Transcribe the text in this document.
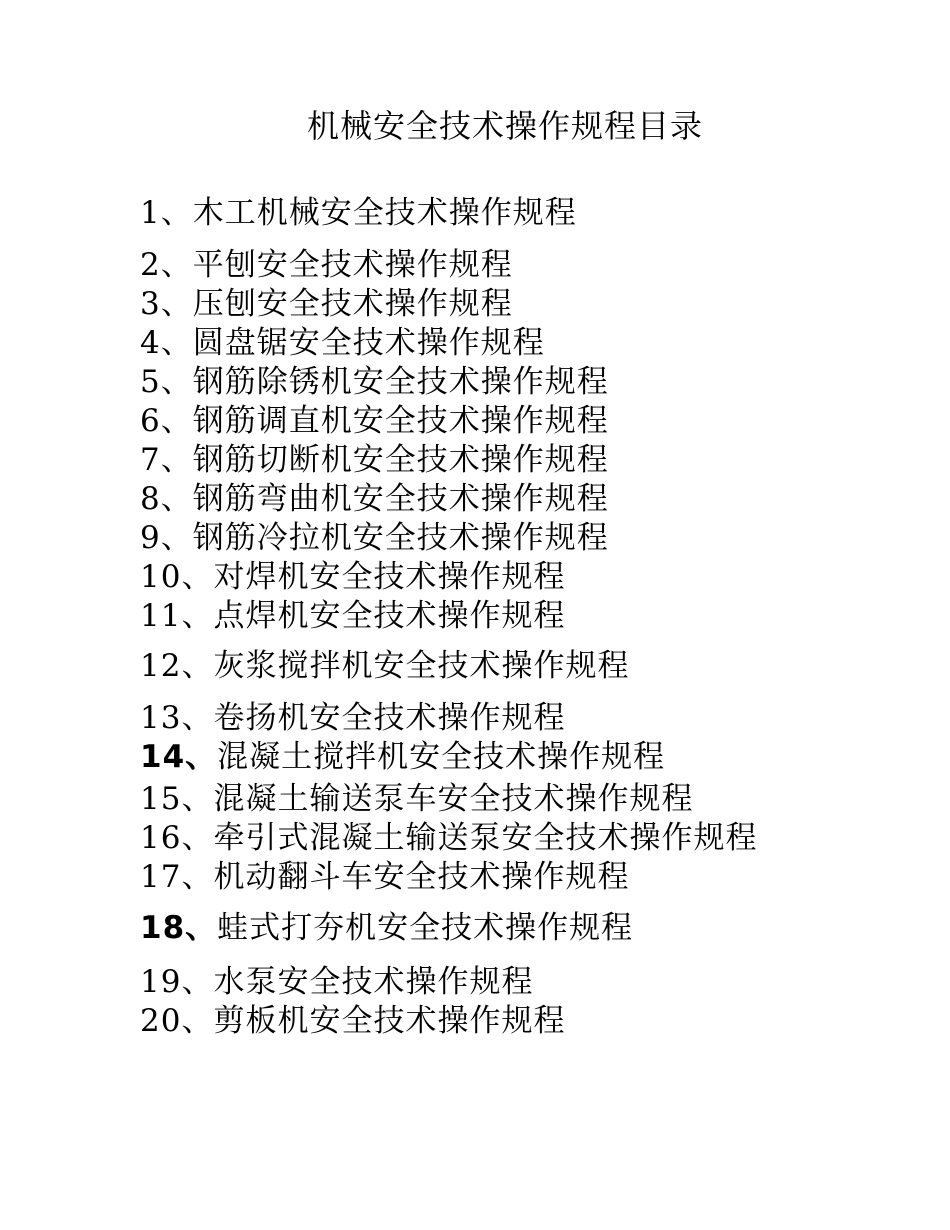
机械安全技术操作规程目录
1、木工机械安全技术操作规程
2、平刨安全技术操作规程
3、压刨安全技术操作规程
4、圆盘锯安全技术操作规程
5、钢筋除锈机安全技术操作规程
6、钢筋调直机安全技术操作规程
7、钢筋切断机安全技术操作规程
8、钢筋弯曲机安全技术操作规程
9、钢筋冷拉机安全技术操作规程
10、对焊机安全技术操作规程
11、点焊机安全技术操作规程
12、灰浆搅拌机安全技术操作规程
13、卷扬机安全技术操作规程
14、混凝土搅拌机安全技术操作规程
15、混凝土输送泵车安全技术操作规程
16、牵引式混凝土输送泵安全技术操作规程
17、机动翻斗车安全技术操作规程
18、蛙式打夯机安全技术操作规程
19、水泵安全技术操作规程
20、剪板机安全技术操作规程
